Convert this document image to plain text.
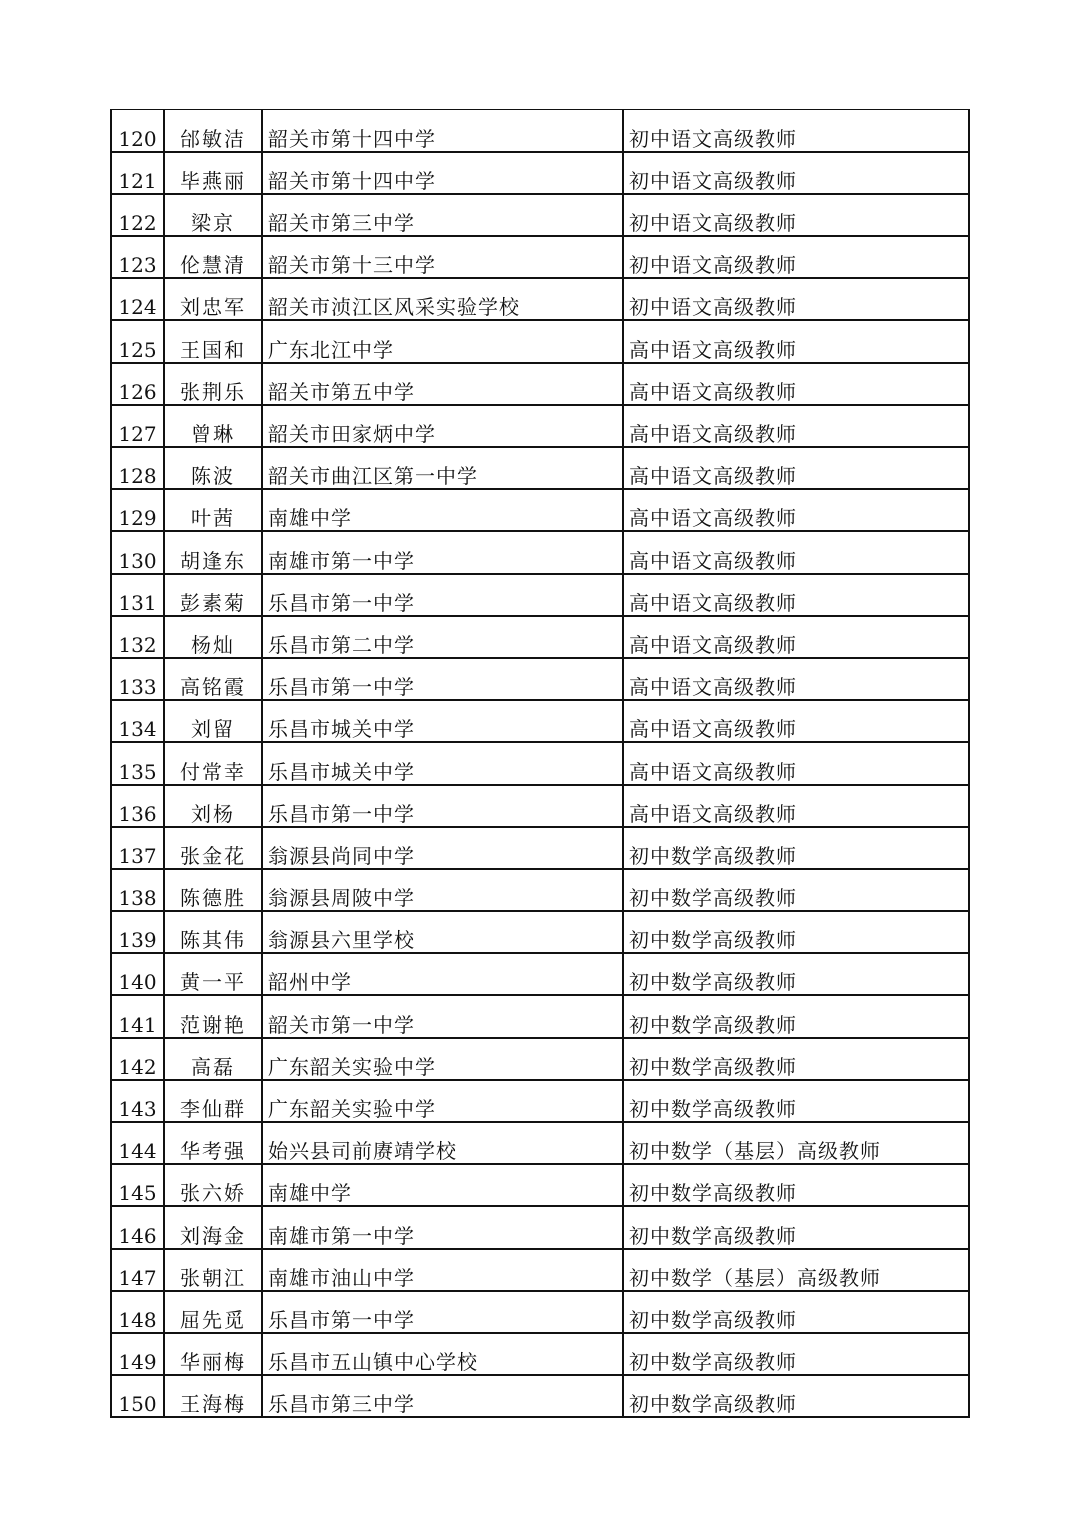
120	邰敏洁	韶关市第十四中学	初中语文高级教师
121	毕燕丽	韶关市第十四中学	初中语文高级教师
122	梁京	韶关市第三中学	初中语文高级教师
123	伦慧清	韶关市第十三中学	初中语文高级教师
124	刘忠军	韶关市浈江区风采实验学校	初中语文高级教师
125	王国和	广东北江中学	高中语文高级教师
126	张荆乐	韶关市第五中学	高中语文高级教师
127	曾琳	韶关市田家炳中学	高中语文高级教师
128	陈波	韶关市曲江区第一中学	高中语文高级教师
129	叶茜	南雄中学	高中语文高级教师
130	胡逢东	南雄市第一中学	高中语文高级教师
131	彭素菊	乐昌市第一中学	高中语文高级教师
132	杨灿	乐昌市第二中学	高中语文高级教师
133	高铭霞	乐昌市第一中学	高中语文高级教师
134	刘留	乐昌市城关中学	高中语文高级教师
135	付常幸	乐昌市城关中学	高中语文高级教师
136	刘杨	乐昌市第一中学	高中语文高级教师
137	张金花	翁源县尚同中学	初中数学高级教师
138	陈德胜	翁源县周陂中学	初中数学高级教师
139	陈其伟	翁源县六里学校	初中数学高级教师
140	黄一平	韶州中学	初中数学高级教师
141	范谢艳	韶关市第一中学	初中数学高级教师
142	高磊	广东韶关实验中学	初中数学高级教师
143	李仙群	广东韶关实验中学	初中数学高级教师
144	华考强	始兴县司前赓靖学校	初中数学（基层）高级教师
145	张六娇	南雄中学	初中数学高级教师
146	刘海金	南雄市第一中学	初中数学高级教师
147	张朝江	南雄市油山中学	初中数学（基层）高级教师
148	屈先觅	乐昌市第一中学	初中数学高级教师
149	华丽梅	乐昌市五山镇中心学校	初中数学高级教师
150	王海梅	乐昌市第三中学	初中数学高级教师
